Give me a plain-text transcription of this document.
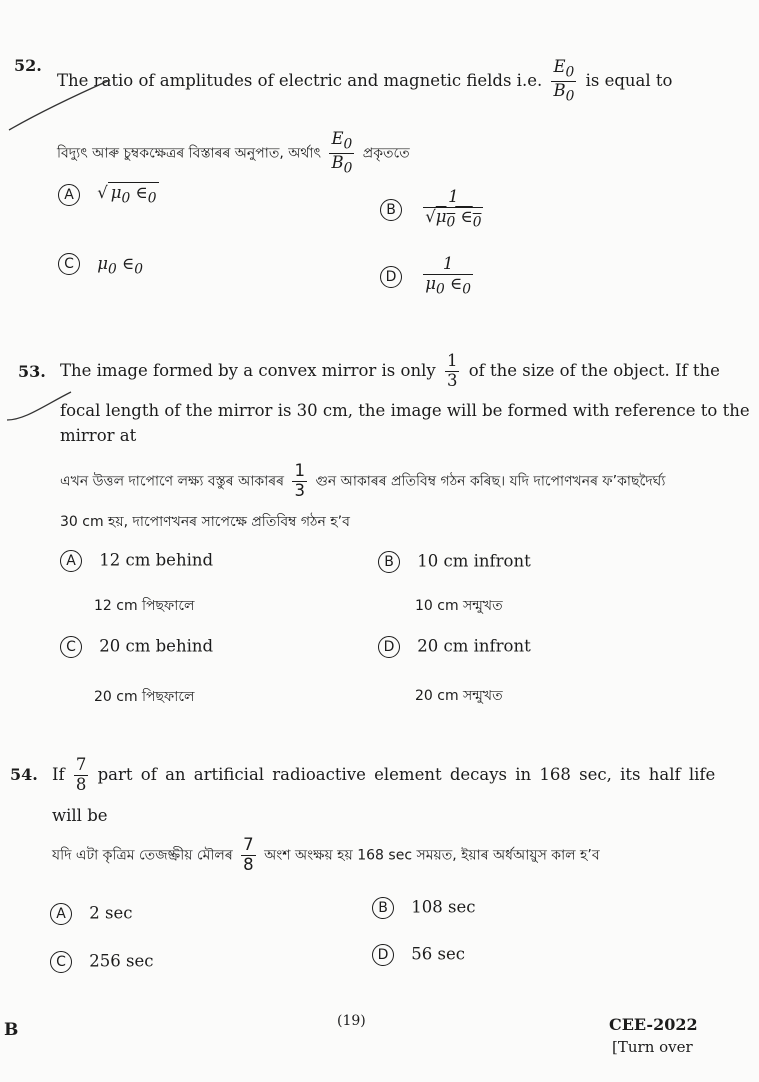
52.
The ratio of amplitudes of electric and magnetic fields i.e. $\frac{E_0}{B_0}$ is equal to
বিদ্যুৎ আৰু চুম্বকক্ষেত্ৰৰ বিস্তাৰৰ অনুপাত, অৰ্থাৎ $\frac{E_0}{B_0}$ প্ৰকৃততে
A √ $\mu_0$ $\in_0$
B $\frac{1}{√\mu_0 \in_0}$
C $\mu_0$ $\in_0$	D $\frac{1}{\mu_0 \in_0}$
53. The image formed by a convex mirror is only $\frac{1}{3}$ of the size of the object. If the
focal length of the mirror is 30 cm, the image will be formed with reference to the
mirror at
এখন উত্তল দাপোণে লক্ষ্য বস্তুৰ আকাৰৰ $\frac{1}{3}$ গুন আকাৰৰ প্ৰতিবিম্ব গঠন কৰিছ। যদি দাপোণখনৰ ফ’কাছদৈৰ্ঘ্য
30 cm হয়, দাপোণখনৰ সাপেক্ষে প্ৰতিবিম্ব গঠন হ’ব
A 12 cm behind
12 cm পিছফালে
B 10 cm infront
10 cm সন্মুখত
C 20 cm behind
20 cm পিছফালে
D 20 cm infront
20 cm সন্মুখত
54. If $\frac{7}{8}$ part of an artificial radioactive element decays in 168 sec, its half life
will be
যদি এটা কৃত্ৰিম তেজষ্ক্ৰীয় মৌলৰ $\frac{7}{8}$ অংশ অংক্ষয় হয় 168 sec সময়ত, ইয়াৰ অৰ্ধআয়ুস কাল হ’ব
A 2 sec	B 108 sec
C 256 sec	D 56 sec
B	(19)	CEE-2022
[Turn over
